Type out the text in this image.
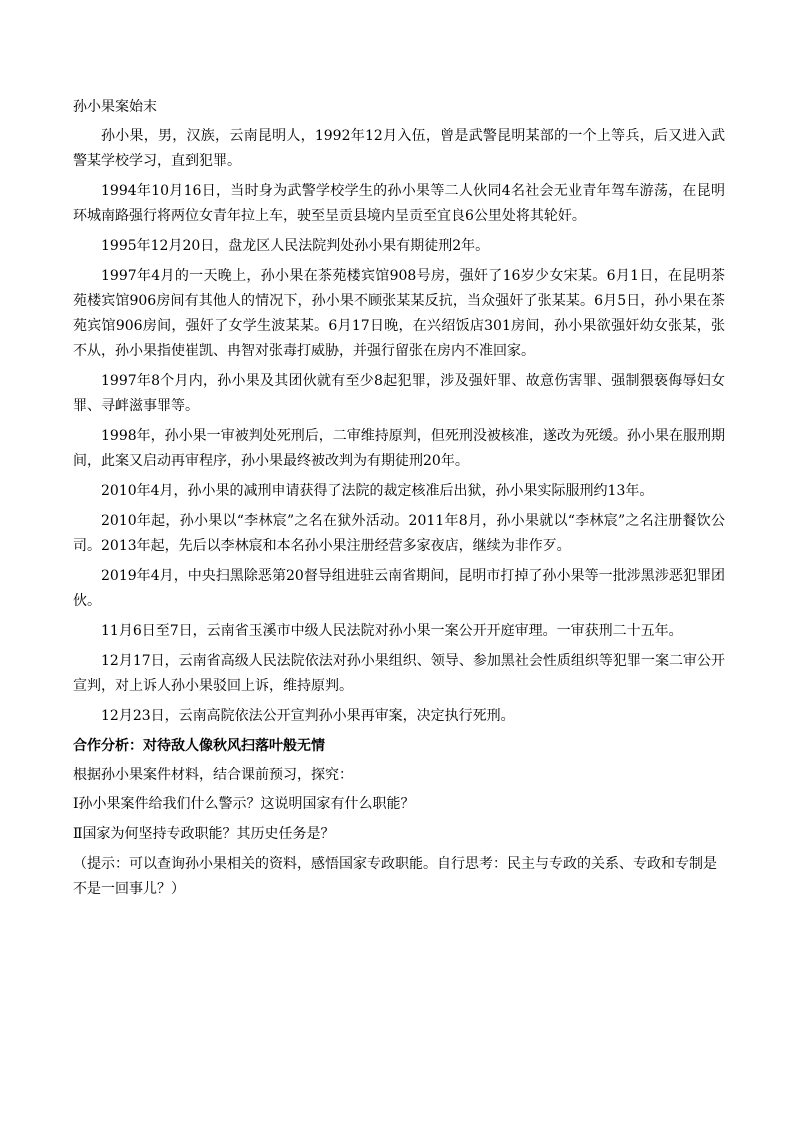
孙小果案始末

孙小果，男，汉族，云南昆明人，1992年12月入伍，曾是武警昆明某部的一个上等兵，后又进入武警某学校学习，直到犯罪。

1994年10月16日，当时身为武警学校学生的孙小果等二人伙同4名社会无业青年驾车游荡，在昆明环城南路强行将两位女青年拉上车，驶至呈贡县境内呈贡至宜良6公里处将其轮奸。

1995年12月20日，盘龙区人民法院判处孙小果有期徒刑2年。

1997年4月的一天晚上，孙小果在茶苑楼宾馆908号房，强奸了16岁少女宋某。6月1日，在昆明茶苑楼宾馆906房间有其他人的情况下，孙小果不顾张某某反抗，当众强奸了张某某。6月5日，孙小果在茶苑宾馆906房间，强奸了女学生波某某。6月17日晚，在兴绍饭店301房间，孙小果欲强奸幼女张某，张不从，孙小果指使崔凯、冉智对张毒打威胁，并强行留张在房内不准回家。

1997年8个月内，孙小果及其团伙就有至少8起犯罪，涉及强奸罪、故意伤害罪、强制猥亵侮辱妇女罪、寻衅滋事罪等。

1998年，孙小果一审被判处死刑后，二审维持原判，但死刑没被核准，遂改为死缓。孙小果在服刑期间，此案又启动再审程序，孙小果最终被改判为有期徒刑20年。

2010年4月，孙小果的减刑申请获得了法院的裁定核准后出狱，孙小果实际服刑约13年。

2010年起，孙小果以“李林宸”之名在狱外活动。2011年8月，孙小果就以“李林宸”之名注册餐饮公司。2013年起，先后以李林宸和本名孙小果注册经营多家夜店，继续为非作歹。

2019年4月，中央扫黑除恶第20督导组进驻云南省期间，昆明市打掉了孙小果等一批涉黑涉恶犯罪团伙。

11月6日至7日，云南省玉溪市中级人民法院对孙小果一案公开开庭审理。一审获刑二十五年。

12月17日，云南省高级人民法院依法对孙小果组织、领导、参加黑社会性质组织等犯罪一案二审公开宣判，对上诉人孙小果驳回上诉，维持原判。

12月23日，云南高院依法公开宣判孙小果再审案，决定执行死刑。

合作分析：对待敌人像秋风扫落叶般无情

根据孙小果案件材料，结合课前预习，探究：

Ⅰ孙小果案件给我们什么警示？这说明国家有什么职能？

Ⅱ国家为何坚持专政职能？其历史任务是？

（提示：可以查询孙小果相关的资料，感悟国家专政职能。自行思考：民主与专政的关系、专政和专制是不是一回事儿？）
